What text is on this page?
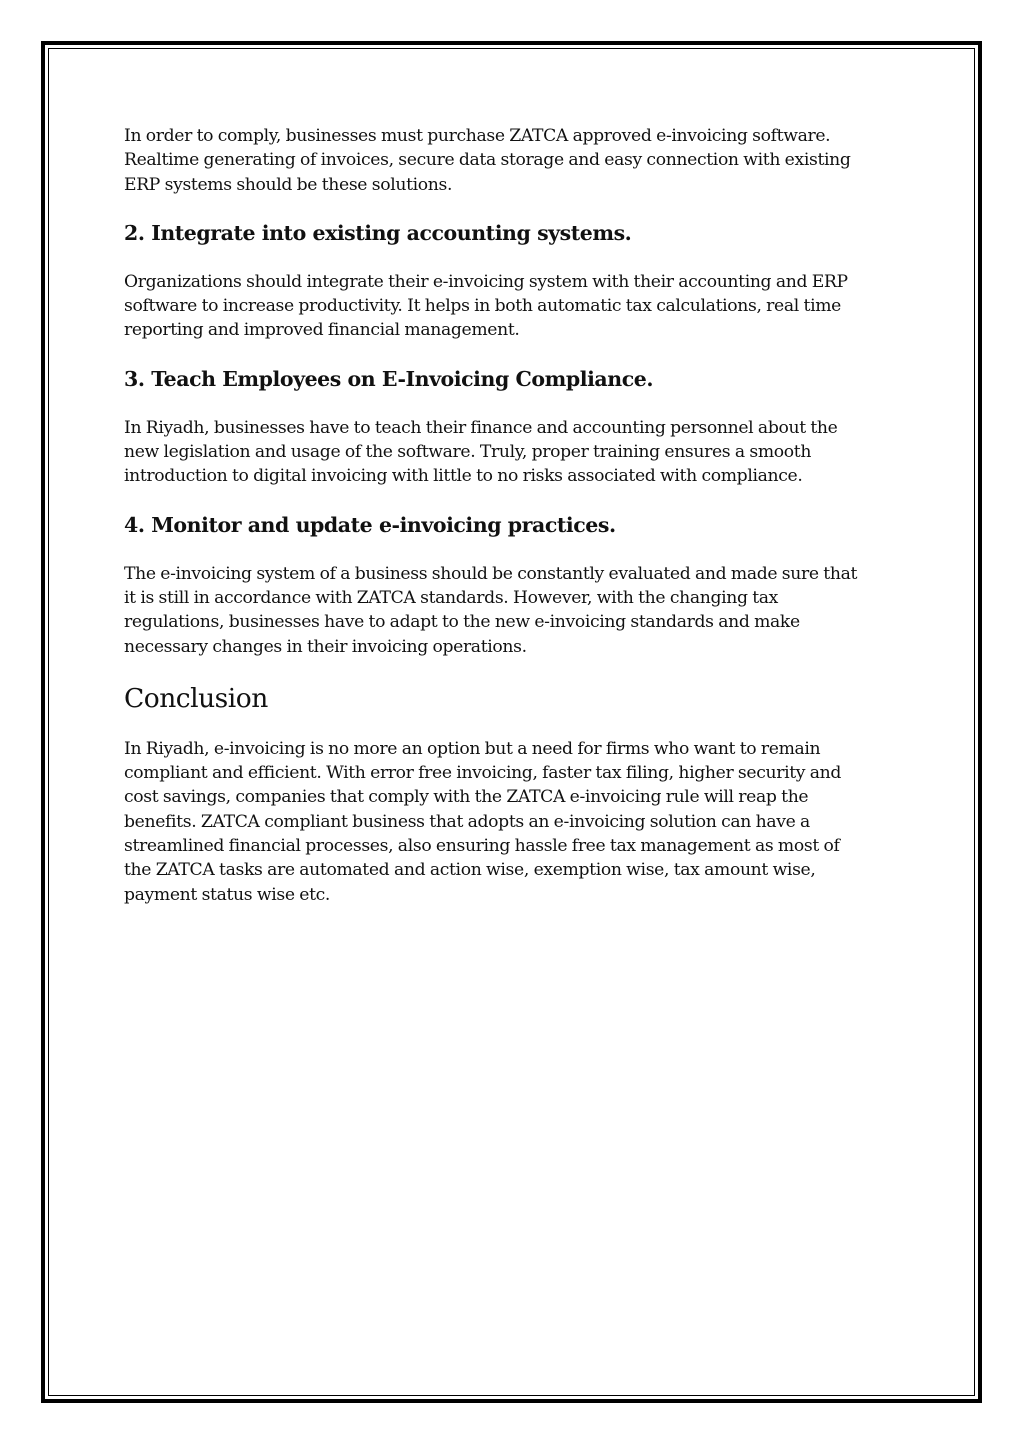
In order to comply, businesses must purchase ZATCA approved e-invoicing software.
Realtime generating of invoices, secure data storage and easy connection with existing
ERP systems should be these solutions.

2. Integrate into existing accounting systems.

Organizations should integrate their e-invoicing system with their accounting and ERP
software to increase productivity. It helps in both automatic tax calculations, real time
reporting and improved financial management.

3. Teach Employees on E-Invoicing Compliance.

In Riyadh, businesses have to teach their finance and accounting personnel about the
new legislation and usage of the software. Truly, proper training ensures a smooth
introduction to digital invoicing with little to no risks associated with compliance.

4. Monitor and update e-invoicing practices.

The e-invoicing system of a business should be constantly evaluated and made sure that
it is still in accordance with ZATCA standards. However, with the changing tax
regulations, businesses have to adapt to the new e-invoicing standards and make
necessary changes in their invoicing operations.

Conclusion

In Riyadh, e-invoicing is no more an option but a need for firms who want to remain
compliant and efficient. With error free invoicing, faster tax filing, higher security and
cost savings, companies that comply with the ZATCA e-invoicing rule will reap the
benefits. ZATCA compliant business that adopts an e-invoicing solution can have a
streamlined financial processes, also ensuring hassle free tax management as most of
the ZATCA tasks are automated and action wise, exemption wise, tax amount wise,
payment status wise etc.
